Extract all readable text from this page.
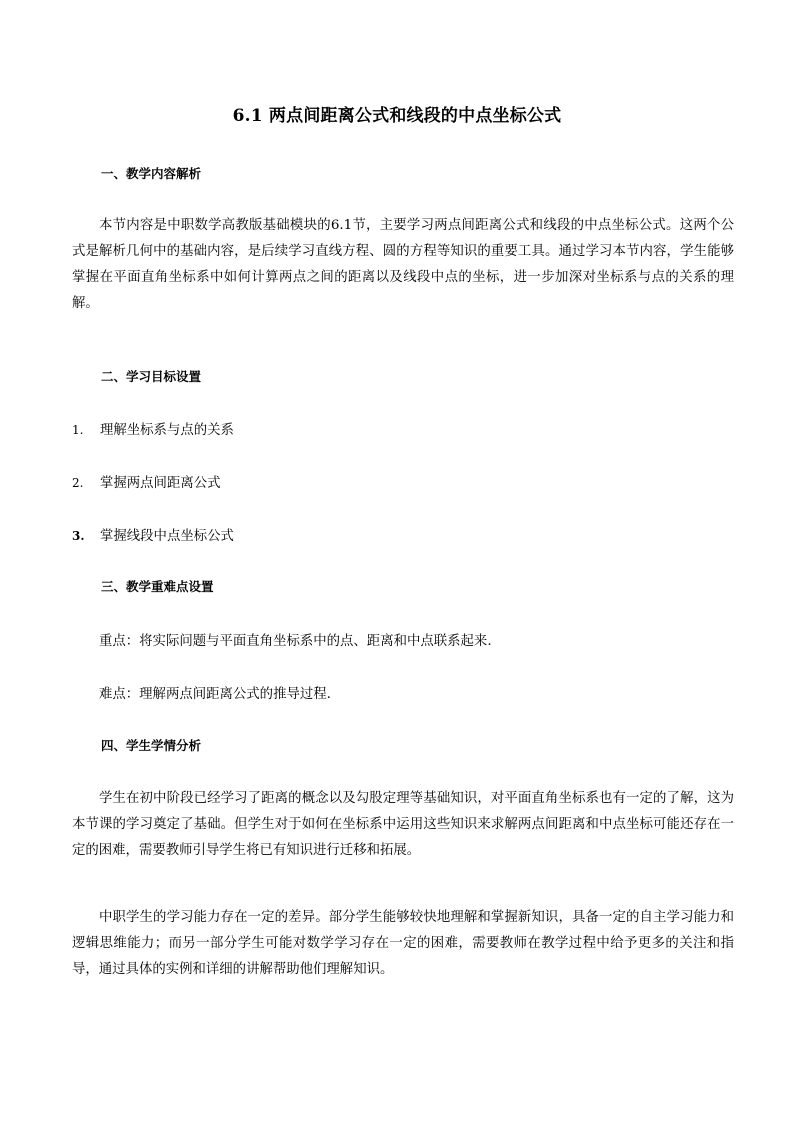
6.1 两点间距离公式和线段的中点坐标公式
一、教学内容解析

本节内容是中职数学高教版基础模块的6.1节，主要学习两点间距离公式和线段的中点坐标公式。这两个公式是解析几何中的基础内容，是后续学习直线方程、圆的方程等知识的重要工具。通过学习本节内容，学生能够掌握在平面直角坐标系中如何计算两点之间的距离以及线段中点的坐标，进一步加深对坐标系与点的关系的理解。

二、学习目标设置
1. 理解坐标系与点的关系
2. 掌握两点间距离公式
3. 掌握线段中点坐标公式
三、教学重难点设置
重点：将实际问题与平面直角坐标系中的点、距离和中点联系起来.
难点：理解两点间距离公式的推导过程.
四、学生学情分析

学生在初中阶段已经学习了距离的概念以及勾股定理等基础知识，对平面直角坐标系也有一定的了解，这为本节课的学习奠定了基础。但学生对于如何在坐标系中运用这些知识来求解两点间距离和中点坐标可能还存在一定的困难，需要教师引导学生将已有知识进行迁移和拓展。

中职学生的学习能力存在一定的差异。部分学生能够较快地理解和掌握新知识，具备一定的自主学习能力和逻辑思维能力；而另一部分学生可能对数学学习存在一定的困难，需要教师在教学过程中给予更多的关注和指导，通过具体的实例和详细的讲解帮助他们理解知识。
